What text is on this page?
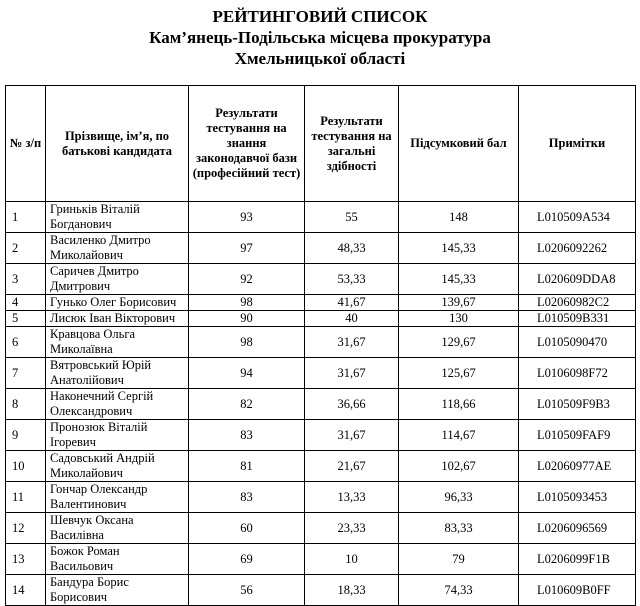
РЕЙТИНГОВИЙ СПИСОК
Кам’янець-Подільська місцева прокуратура
Хмельницької області
№ з/п	Прізвище, ім’я, по батькові кандидата	Результати тестування на знання законодавчої бази (професійний тест)	Результати тестування на загальні здібності	Підсумковий бал	Примітки
1	Гриньків Віталій Богданович	93	55	148	L010509A534
2	Василенко Дмитро Миколайович	97	48,33	145,33	L0206092262
3	Саричев Дмитро Дмитрович	92	53,33	145,33	L020609DDA8
4	Гунько Олег Борисович	98	41,67	139,67	L02060982C2
5	Лисюк Іван Вікторович	90	40	130	L010509B331
6	Кравцова Ольга Миколаївна	98	31,67	129,67	L0105090470
7	Вятровський Юрій Анатолійович	94	31,67	125,67	L0106098F72
8	Наконечний Сергій Олександрович	82	36,66	118,66	L010509F9B3
9	Пронозюк Віталій Ігоревич	83	31,67	114,67	L010509FAF9
10	Садовський Андрій Миколайович	81	21,67	102,67	L02060977AE
11	Гончар Олександр Валентинович	83	13,33	96,33	L0105093453
12	Шевчук Оксана Василівна	60	23,33	83,33	L0206096569
13	Божок Роман Васильович	69	10	79	L0206099F1B
14	Бандура Борис Борисович	56	18,33	74,33	L010609B0FF
